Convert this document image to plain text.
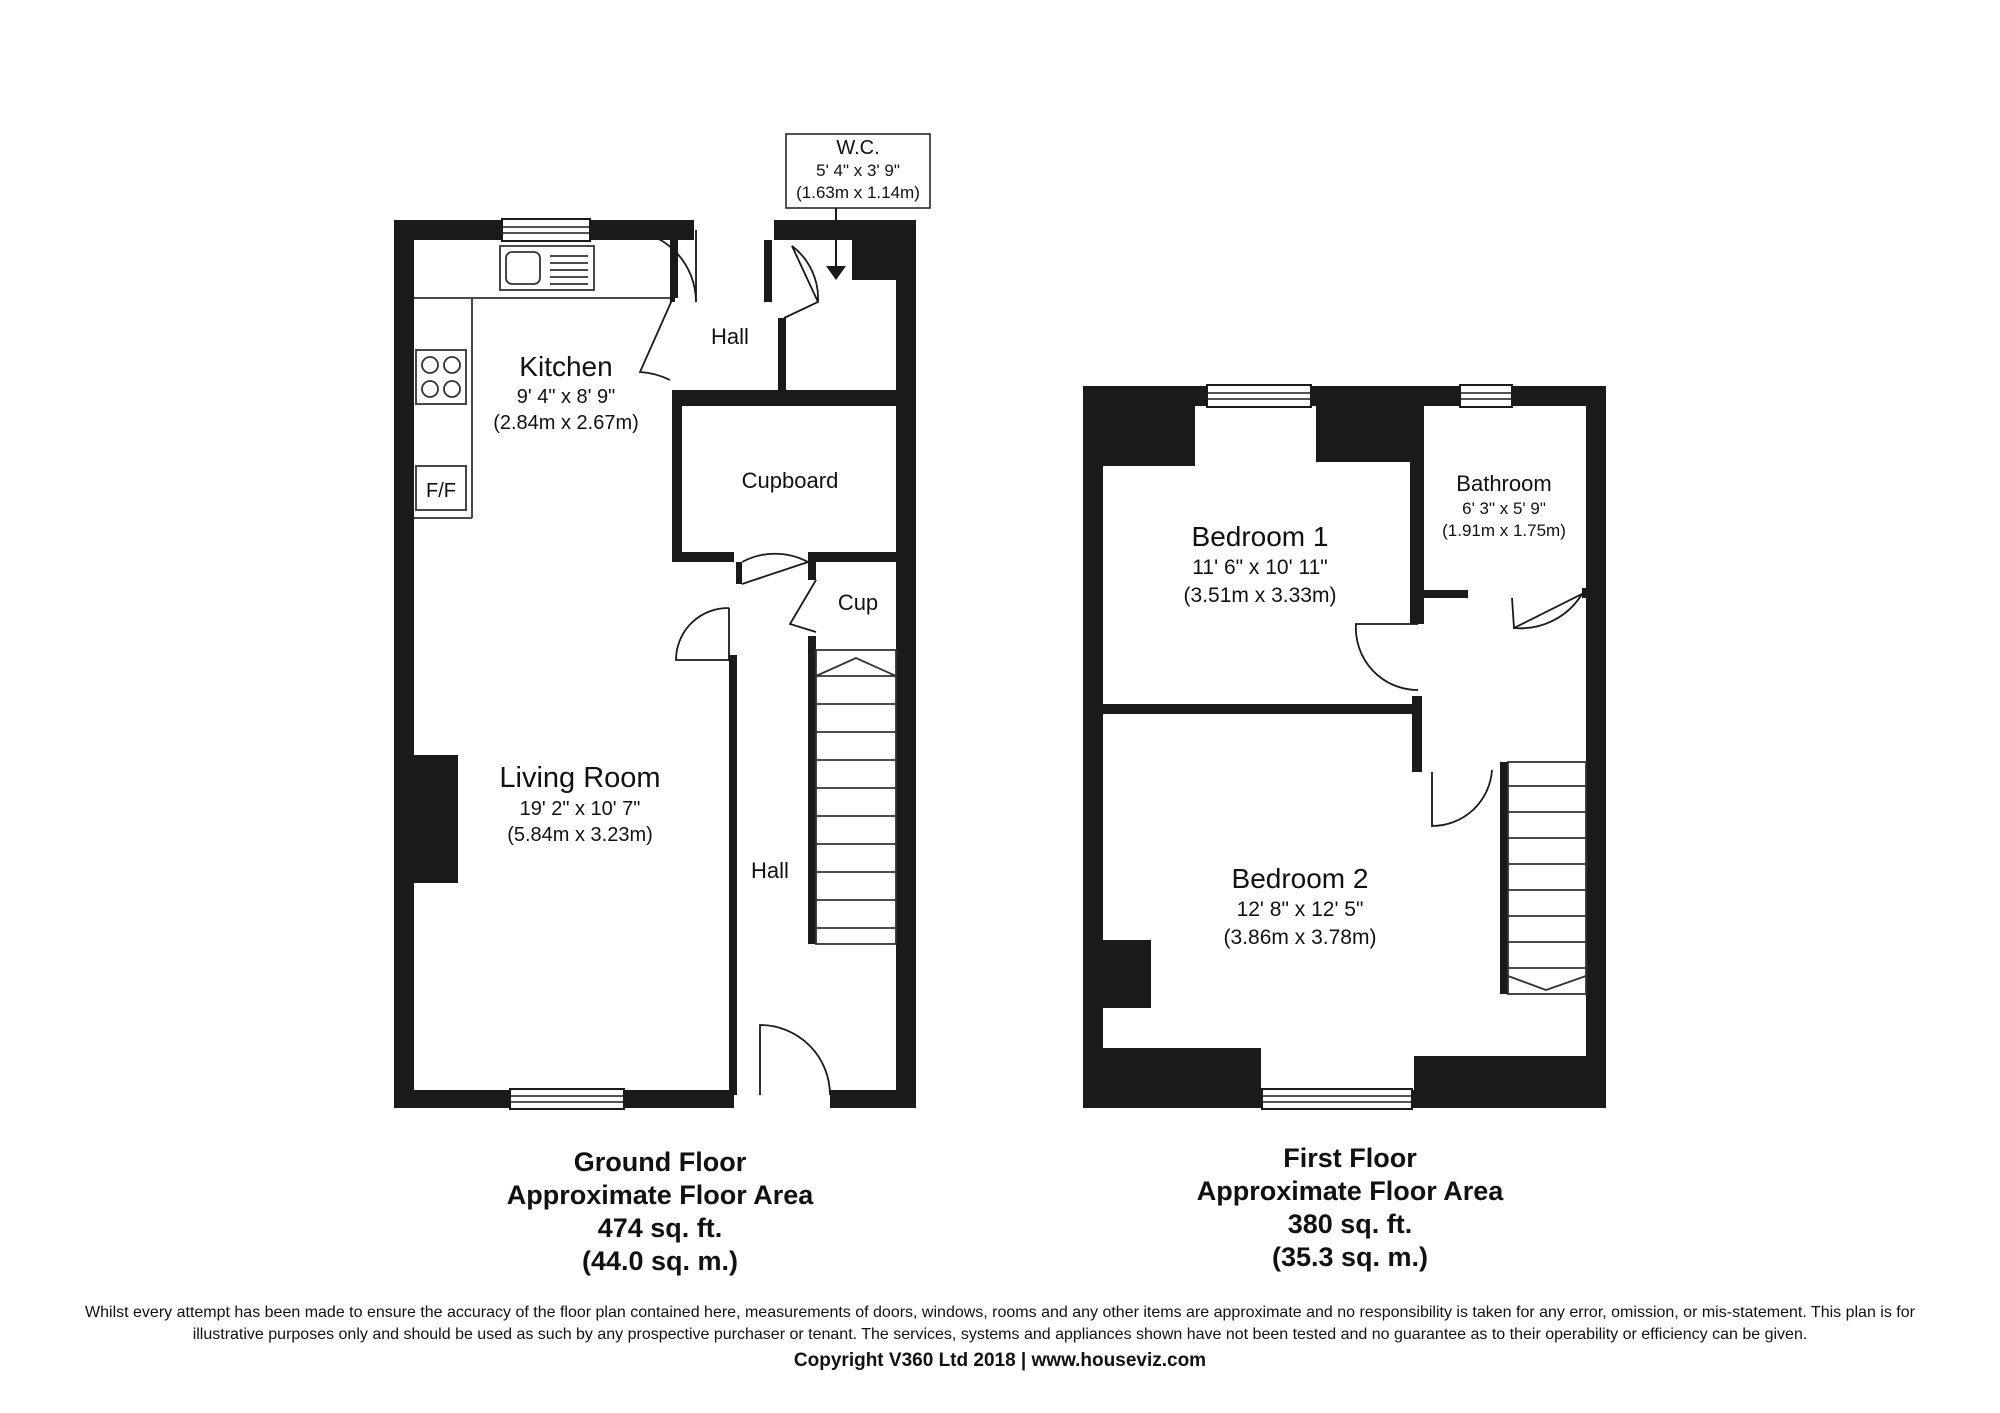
Kitchen
9' 4" x 8' 9"
(2.84m x 2.67m)
Hall
Cupboard
Cup
F/F
Living Room
19' 2" x 10' 7"
(5.84m x 3.23m)
Hall
W.C.
5' 4" x 3' 9"
(1.63m x 1.14m)
Bedroom 1
11' 6" x 10' 11"
(3.51m x 3.33m)
Bathroom
6' 3" x 5' 9"
(1.91m x 1.75m)
Bedroom 2
12' 8" x 12' 5"
(3.86m x 3.78m)
Ground Floor
Approximate Floor Area
474 sq. ft.
(44.0 sq. m.)
First Floor
Approximate Floor Area
380 sq. ft.
(35.3 sq. m.)
Whilst every attempt has been made to ensure the accuracy of the floor plan contained here, measurements of doors, windows, rooms and any other items are approximate and no responsibility is taken for any error, omission, or mis-statement. This plan is for
illustrative purposes only and should be used as such by any prospective purchaser or tenant. The services, systems and appliances shown have not been tested and no guarantee as to their operability or efficiency can be given.
Copyright V360 Ltd 2018 | www.houseviz.com
